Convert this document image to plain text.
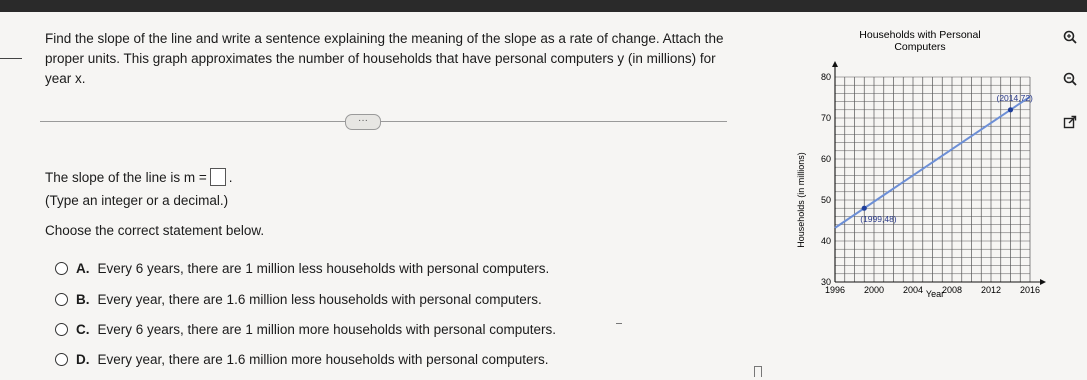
Find the slope of the line and write a sentence explaining the meaning of the slope as a rate of change. Attach the proper units. This graph approximates the number of households that have personal computers y (in millions) for year x.
···
The slope of the line is m = .
(Type an integer or a decimal.)
Choose the correct statement below.
A. Every 6 years, there are 1 million less households with personal computers.
B. Every year, there are 1.6 million less households with personal computers.
C. Every 6 years, there are 1 million more households with personal computers.
D. Every year, there are 1.6 million more households with personal computers.
Households with Personal
Computers
1996 2000 2004 2008 2012 2016
30
40
50
60
70
80
(1999,48)
(2014,72)
Year
Households (in millions)
